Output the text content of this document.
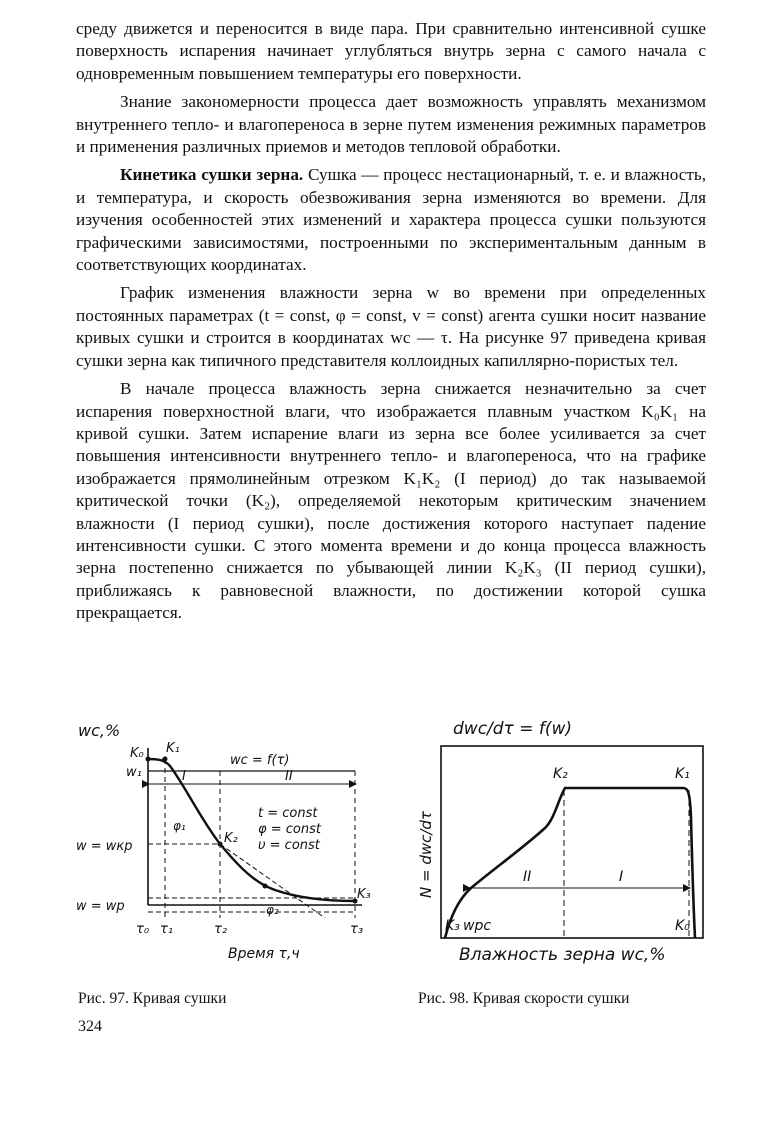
среду движется и переносится в виде пара. При сравнительно интенсивной сушке поверхность испарения начинает углубляться внутрь зерна с самого начала с одновременным повышением температуры его поверхности.

Знание закономерности процесса дает возможность управлять механизмом внутреннего тепло- и влагопереноса в зерне путем изменения режимных параметров и применения различных приемов и методов тепловой обработки.

Кинетика сушки зерна. Сушка — процесс нестационарный, т. е. и влажность, и температура, и скорость обезвоживания зерна изменяются во времени. Для изучения особенностей этих изменений и характера процесса сушки пользуются графическими зависимостями, построенными по экспериментальным данным в соответствующих координатах.

График изменения влажности зерна w во времени при определенных постоянных параметрах (t = const, φ = const, v = const) агента сушки носит название кривых сушки и строится в координатах wс — τ. На рисунке 97 приведена кривая сушки зерна как типичного представителя коллоидных капиллярно-пористых тел.

В начале процесса влажность зерна снижается незначительно за счет испарения поверхностной влаги, что изображается плавным участком K₀K₁ на кривой сушки. Затем испарение влаги из зерна все более усиливается за счет повышения интенсивности внутреннего тепло- и влагопереноса, что на графике изображается прямолинейным отрезком K₁K₂ (I период) до так называемой критической точки (K₂), определяемой некоторым критическим значением влажности (I период сушки), после достижения которого наступает падение интенсивности сушки. С этого момента времени и до конца процесса влажность зерна постепенно снижается по убывающей линии K₂K₃ (II период сушки), приближаясь к равновесной влажности, по достижении которой сушка прекращается.

wс,%
K₀ K₁
K₂
K₃
w₁
w = wкр
w = wр
τ₀ τ₁	τ₂	τ₃
wс = f(τ)
I	II
t = const
φ = const
υ = const
φ₁
φ₂
Время τ,ч
dwс/dτ = f(w)
N = dwс/dτ
K₂	K₁
K₃	K₀
II	I
wрс
Влажность зерна wс,%
Рис. 97. Кривая сушки	Рис. 98. Кривая скорости сушки
324
